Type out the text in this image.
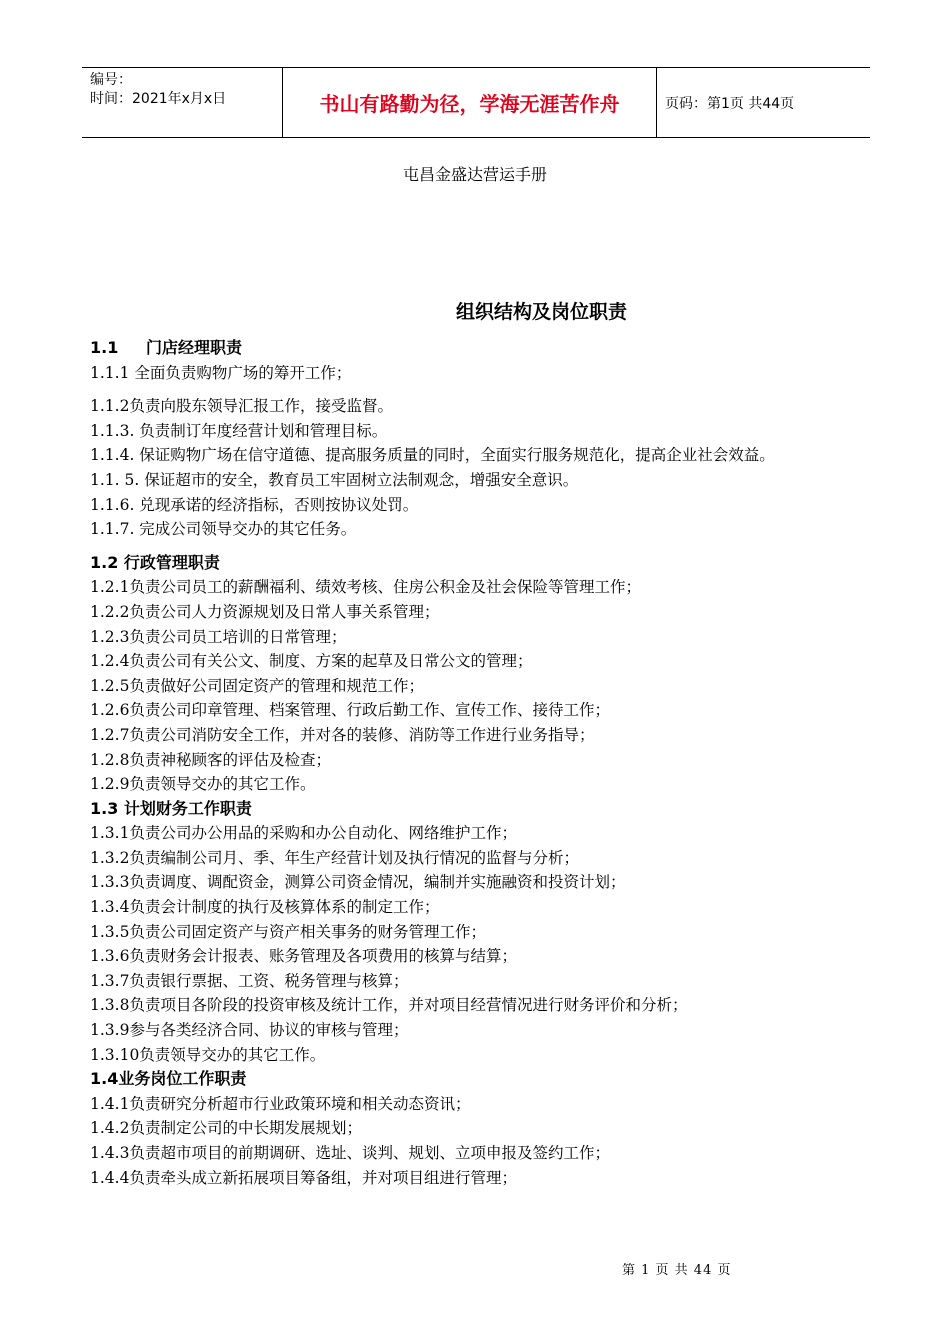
编号：
时间：2021年x月x日	书山有路勤为径，学海无涯苦作舟	页码：第1页 共44页
屯昌金盛达营运手册
组织结构及岗位职责
1.1 门店经理职责
1.1.1 全面负责购物广场的筹开工作；
1.1.2负责向股东领导汇报工作，接受监督。
1.1.3. 负责制订年度经营计划和管理目标。
1.1.4. 保证购物广场在信守道德、提高服务质量的同时，全面实行服务规范化，提高企业社会效益。
1.1. 5. 保证超市的安全，教育员工牢固树立法制观念，增强安全意识。
1.1.6. 兑现承诺的经济指标，否则按协议处罚。
1.1.7. 完成公司领导交办的其它任务。
1.2 行政管理职责
1.2.1负责公司员工的薪酬福利、绩效考核、住房公积金及社会保险等管理工作；
1.2.2负责公司人力资源规划及日常人事关系管理；
1.2.3负责公司员工培训的日常管理；
1.2.4负责公司有关公文、制度、方案的起草及日常公文的管理；
1.2.5负责做好公司固定资产的管理和规范工作；
1.2.6负责公司印章管理、档案管理、行政后勤工作、宣传工作、接待工作；
1.2.7负责公司消防安全工作，并对各的装修、消防等工作进行业务指导；
1.2.8负责神秘顾客的评估及检查；
1.2.9负责领导交办的其它工作。
1.3 计划财务工作职责
1.3.1负责公司办公用品的采购和办公自动化、网络维护工作；
1.3.2负责编制公司月、季、年生产经营计划及执行情况的监督与分析；
1.3.3负责调度、调配资金，测算公司资金情况，编制并实施融资和投资计划；
1.3.4负责会计制度的执行及核算体系的制定工作；
1.3.5负责公司固定资产与资产相关事务的财务管理工作；
1.3.6负责财务会计报表、账务管理及各项费用的核算与结算；
1.3.7负责银行票据、工资、税务管理与核算；
1.3.8负责项目各阶段的投资审核及统计工作，并对项目经营情况进行财务评价和分析；
1.3.9参与各类经济合同、协议的审核与管理；
1.3.10负责领导交办的其它工作。
1.4业务岗位工作职责
1.4.1负责研究分析超市行业政策环境和相关动态资讯；
1.4.2负责制定公司的中长期发展规划；
1.4.3负责超市项目的前期调研、选址、谈判、规划、立项申报及签约工作；
1.4.4负责牵头成立新拓展项目筹备组，并对项目组进行管理；
第 1 页 共 44 页
